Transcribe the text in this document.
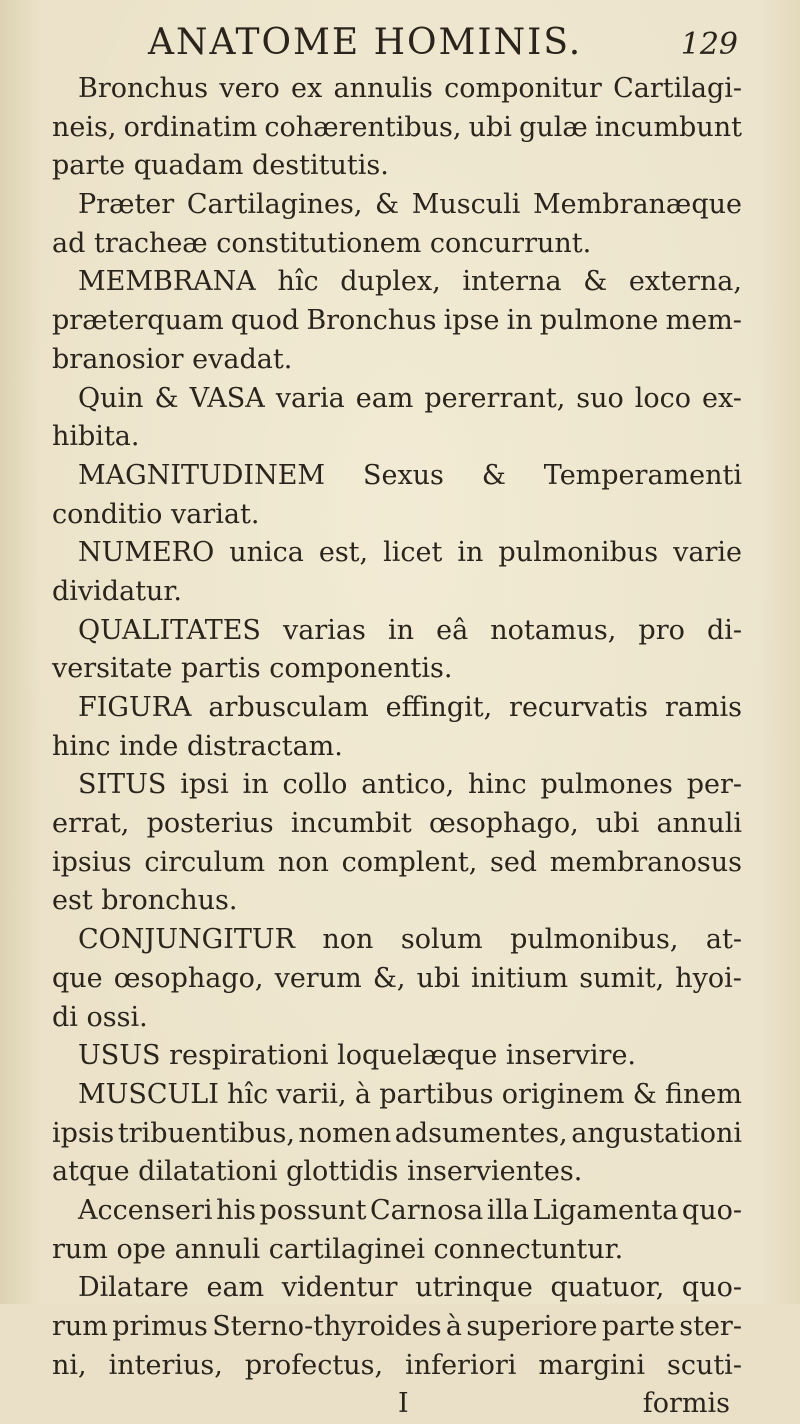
ANATOME HOMINIS.	129
Bronchus vero ex annulis componitur Cartilagi-
neis, ordinatim cohærentibus, ubi gulæ incumbunt
parte quadam destitutis.
Præter Cartilagines, & Musculi Membranæque
ad tracheæ constitutionem concurrunt.
MEMBRANA hîc duplex, interna & externa,
præterquam quod Bronchus ipse in pulmone mem-
branosior evadat.
Quin & VASA varia eam pererrant, suo loco ex-
hibita.
MAGNITUDINEM Sexus & Temperamenti
conditio variat.
NUMERO unica est, licet in pulmonibus varie
dividatur.
QUALITATES varias in eâ notamus, pro di-
versitate partis componentis.
FIGURA arbusculam effingit, recurvatis ramis
hinc inde distractam.
SITUS ipsi in collo antico, hinc pulmones per-
errat, posterius incumbit œsophago, ubi annuli
ipsius circulum non complent, sed membranosus
est bronchus.
CONJUNGITUR non solum pulmonibus, at-
que œsophago, verum &, ubi initium sumit, hyoi-
di ossi.
USUS respirationi loquelæque inservire.
MUSCULI hîc varii, à partibus originem & finem
ipsis tribuentibus, nomen adsumentes, angustationi
atque dilatationi glottidis inservientes.
Accenseri his possunt Carnosa illa Ligamenta quo-
rum ope annuli cartilaginei connectuntur.
Dilatare eam videntur utrinque quatuor, quo-
rum primus Sterno-thyroides à superiore parte ster-
ni, interius, profectus, inferiori margini scuti-
I	formis
